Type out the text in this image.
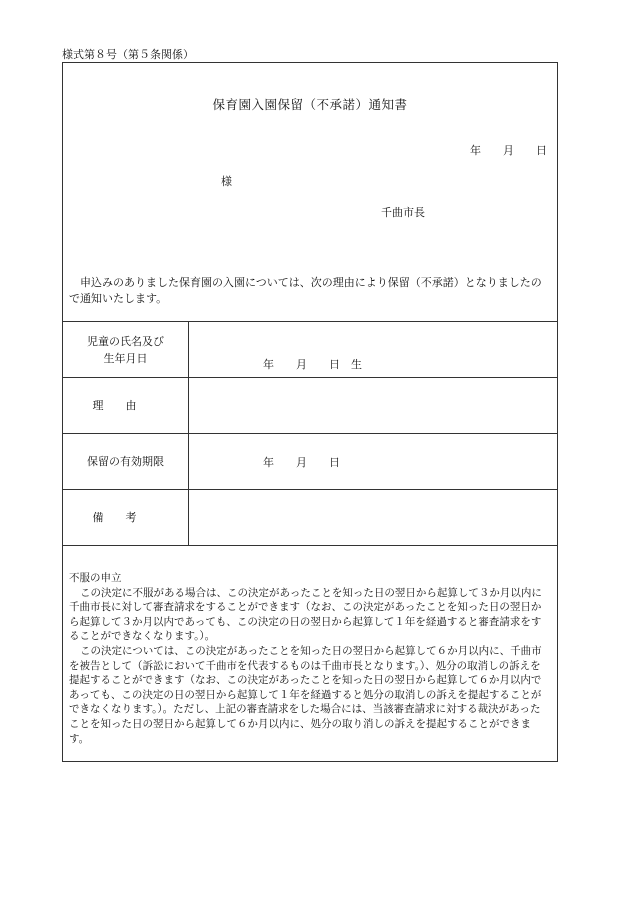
様式第８号（第５条関係）
保育園入園保留（不承諾）通知書
年　　月　　日
様
千曲市長
申込みのありました保育園の入園については、次の理由により保留（不承諾）となりましたので通知いたします。
児童の氏名及び
生年月日	年　　月　　日　生

理由	
保留の有効期限	年　　月　　日

備考	
不服の申立

この決定に不服がある場合は、この決定があったことを知った日の翌日から起算して３か月以内に千曲市長に対して審査請求をすることができます（なお、この決定があったことを知った日の翌日から起算して３か月以内であっても、この決定の日の翌日から起算して１年を経過すると審査請求をすることができなくなります。）。

この決定については、この決定があったことを知った日の翌日から起算して６か月以内に、千曲市を被告として（訴訟において千曲市を代表するものは千曲市長となります。）、処分の取消しの訴えを提起することができます（なお、この決定があったことを知った日の翌日から起算して６か月以内であっても、この決定の日の翌日から起算して１年を経過すると処分の取消しの訴えを提起することができなくなります。）。ただし、上記の審査請求をした場合には、当該審査請求に対する裁決があったことを知った日の翌日から起算して６か月以内に、処分の取り消しの訴えを提起することができます。
